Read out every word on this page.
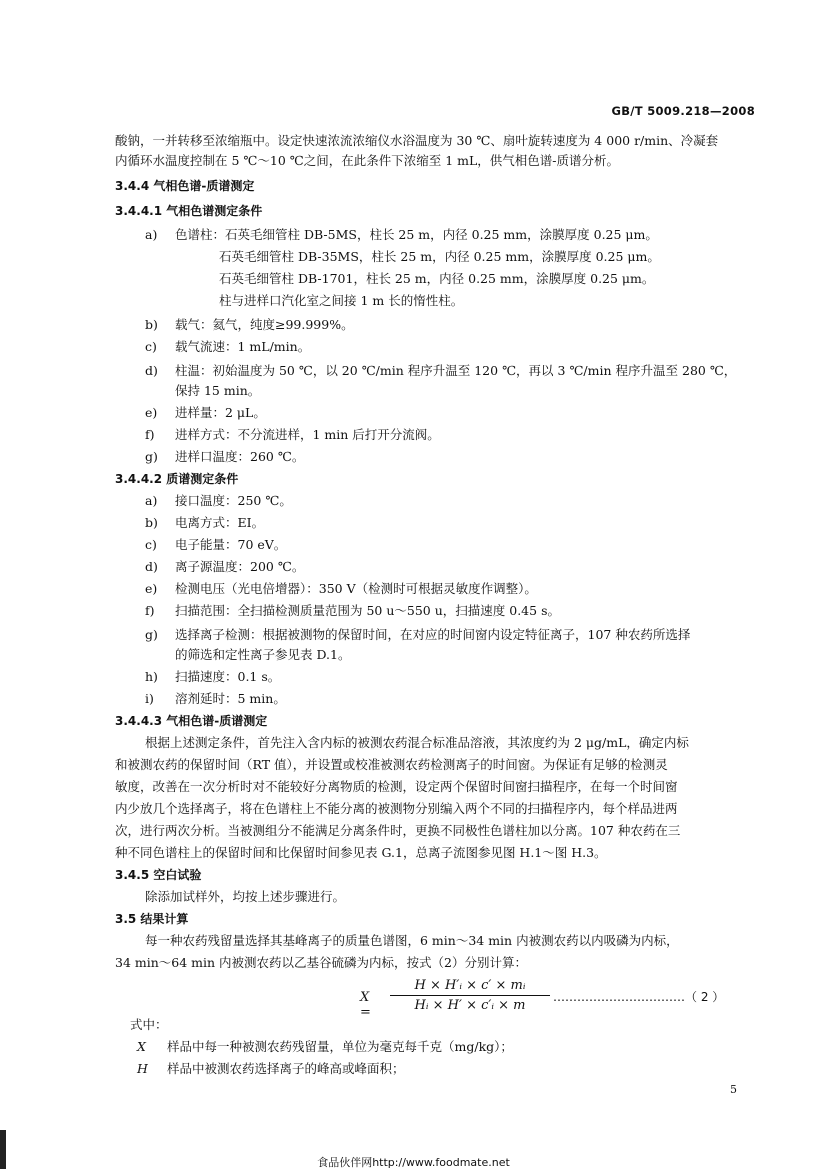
GB/T 5009.218—2008
酸钠，一并转移至浓缩瓶中。设定快速浓流浓缩仪水浴温度为 30 ℃、扇叶旋转速度为 4 000 r/min、冷凝套
内循环水温度控制在 5 ℃～10 ℃之间，在此条件下浓缩至 1 mL，供气相色谱-质谱分析。
3.4.4 气相色谱-质谱测定
3.4.4.1 气相色谱测定条件
a) 色谱柱：石英毛细管柱 DB-5MS，柱长 25 m，内径 0.25 mm，涂膜厚度 0.25 μm。
石英毛细管柱 DB-35MS，柱长 25 m，内径 0.25 mm，涂膜厚度 0.25 μm。
石英毛细管柱 DB-1701，柱长 25 m，内径 0.25 mm，涂膜厚度 0.25 μm。
柱与进样口汽化室之间接 1 m 长的惰性柱。
b) 载气：氦气，纯度≥99.999%。
c) 载气流速：1 mL/min。
d) 柱温：初始温度为 50 ℃，以 20 ℃/min 程序升温至 120 ℃，再以 3 ℃/min 程序升温至 280 ℃，
保持 15 min。
e) 进样量：2 μL。
f) 进样方式：不分流进样，1 min 后打开分流阀。
g) 进样口温度：260 ℃。
3.4.4.2 质谱测定条件
a) 接口温度：250 ℃。
b) 电离方式：EI。
c) 电子能量：70 eV。
d) 离子源温度：200 ℃。
e) 检测电压（光电倍增器）：350 V（检测时可根据灵敏度作调整）。
f) 扫描范围：全扫描检测质量范围为 50 u～550 u，扫描速度 0.45 s。
g) 选择离子检测：根据被测物的保留时间，在对应的时间窗内设定特征离子，107 种农药所选择
的筛选和定性离子参见表 D.1。
h) 扫描速度：0.1 s。
i) 溶剂延时：5 min。
3.4.4.3 气相色谱-质谱测定
根据上述测定条件，首先注入含内标的被测农药混合标准品溶液，其浓度约为 2 μg/mL，确定内标
和被测农药的保留时间（RT 值），并设置或校准被测农药检测离子的时间窗。为保证有足够的检测灵
敏度，改善在一次分析时对不能较好分离物质的检测，设定两个保留时间窗扫描程序，在每一个时间窗
内少放几个选择离子，将在色谱柱上不能分离的被测物分别编入两个不同的扫描程序内，每个样品进两
次，进行两次分析。当被测组分不能满足分离条件时，更换不同极性色谱柱加以分离。107 种农药在三
种不同色谱柱上的保留时间和比保留时间参见表 G.1，总离子流图参见图 H.1～图 H.3。
3.4.5 空白试验
除添加试样外，均按上述步骤进行。
3.5 结果计算
每一种农药残留量选择其基峰离子的质量色谱图，6 min～34 min 内被测农药以内吸磷为内标，
34 min～64 min 内被测农药以乙基谷硫磷为内标，按式（2）分别计算：
式中：
X 样品中每一种被测农药残留量，单位为毫克每千克（mg/kg）；
H 样品中被测农药选择离子的峰高或峰面积；
$X = \frac{\text{H × H′ᵢ × c′ × mᵢ}}{\text{Hᵢ × H′ × c′ᵢ × m}}$ ……………………………（ 2 ）
5
食品伙伴网http://www.foodmate.net
